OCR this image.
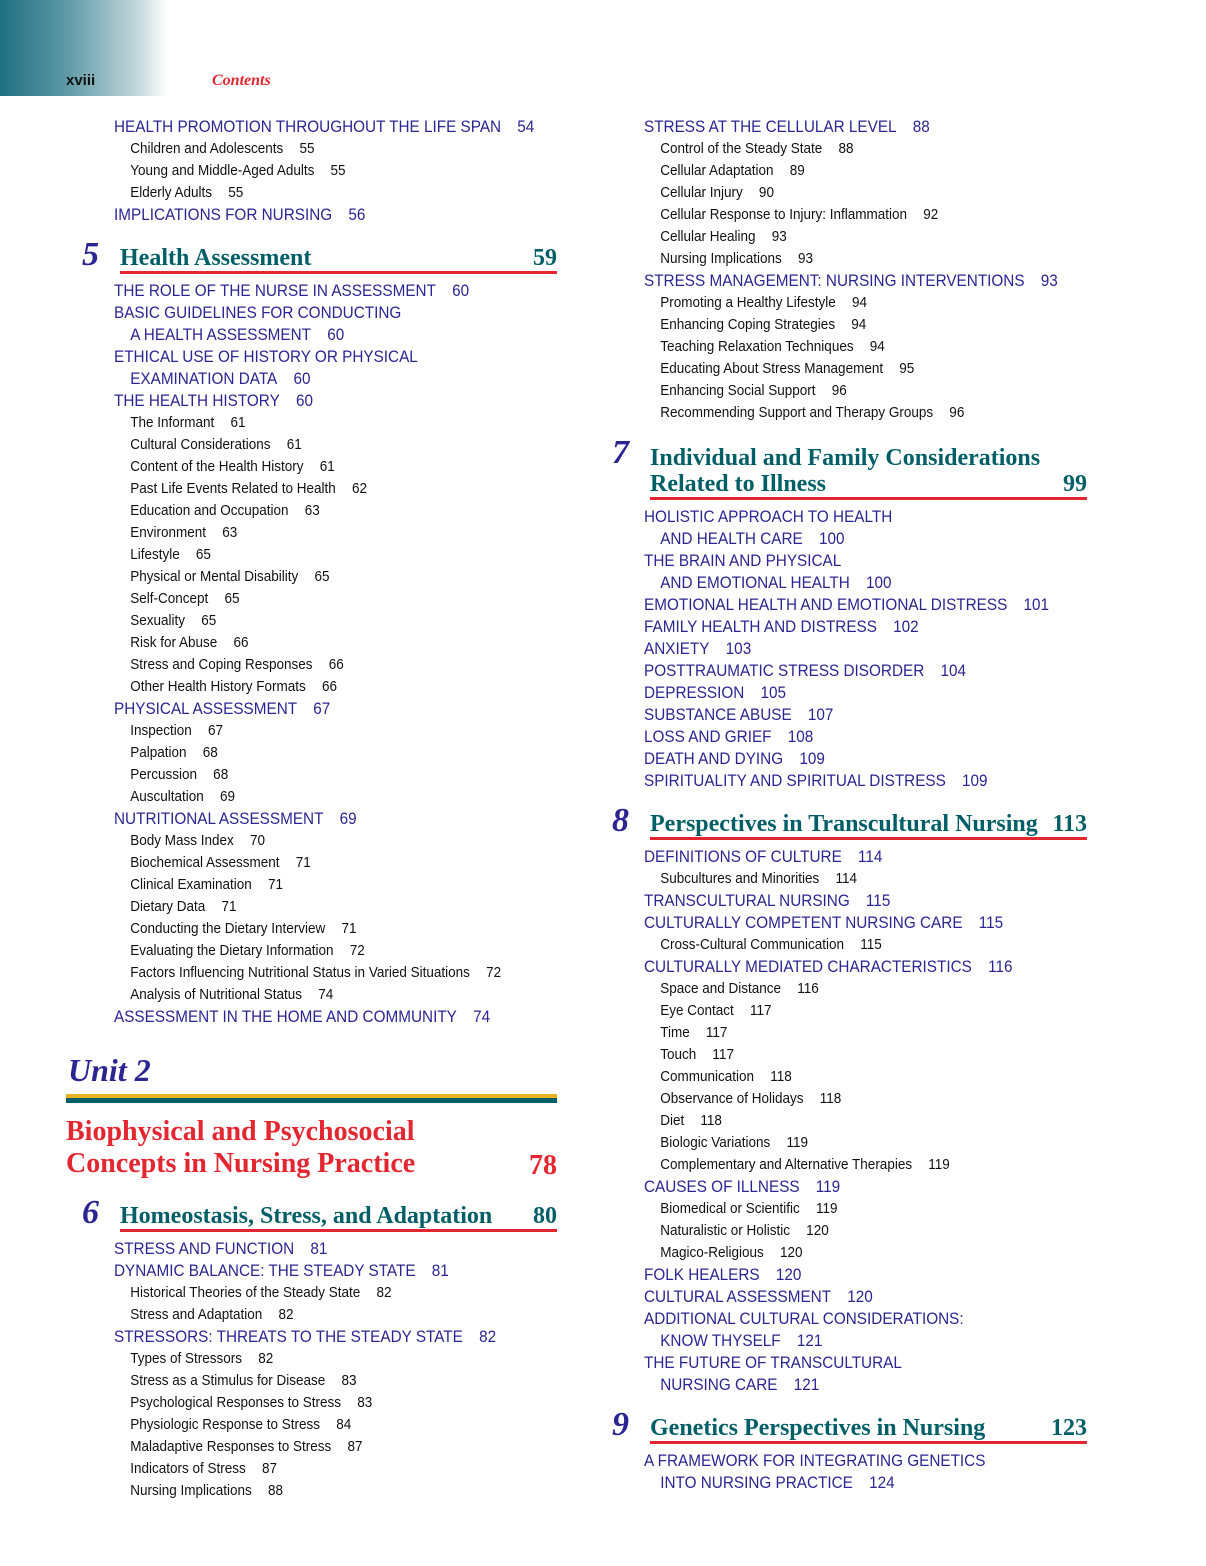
xviii	Contents
HEALTH PROMOTION THROUGHOUT THE LIFE SPAN 54
Children and Adolescents 55
Young and Middle-Aged Adults 55
Elderly Adults 55
IMPLICATIONS FOR NURSING 56
5 Health Assessment	59
THE ROLE OF THE NURSE IN ASSESSMENT 60
BASIC GUIDELINES FOR CONDUCTING
A HEALTH ASSESSMENT 60
ETHICAL USE OF HISTORY OR PHYSICAL
EXAMINATION DATA 60
THE HEALTH HISTORY 60
The Informant 61
Cultural Considerations 61
Content of the Health History 61
Past Life Events Related to Health 62
Education and Occupation 63
Environment 63
Lifestyle 65
Physical or Mental Disability 65
Self-Concept 65
Sexuality 65
Risk for Abuse 66
Stress and Coping Responses 66
Other Health History Formats 66
PHYSICAL ASSESSMENT 67
Inspection 67
Palpation 68
Percussion 68
Auscultation 69
NUTRITIONAL ASSESSMENT 69
Body Mass Index 70
Biochemical Assessment 71
Clinical Examination 71
Dietary Data 71
Conducting the Dietary Interview 71
Evaluating the Dietary Information 72
Factors Influencing Nutritional Status in Varied Situations 72
Analysis of Nutritional Status 74
ASSESSMENT IN THE HOME AND COMMUNITY 74
Unit 2
Biophysical and Psychosocial
Concepts in Nursing Practice	78
6 Homeostasis, Stress, and Adaptation 80
STRESS AND FUNCTION 81
DYNAMIC BALANCE: THE STEADY STATE 81
Historical Theories of the Steady State 82
Stress and Adaptation 82
STRESSORS: THREATS TO THE STEADY STATE 82
Types of Stressors 82
Stress as a Stimulus for Disease 83
Psychological Responses to Stress 83
Physiologic Response to Stress 84
Maladaptive Responses to Stress 87
Indicators of Stress 87
Nursing Implications 88
STRESS AT THE CELLULAR LEVEL 88
Control of the Steady State 88
Cellular Adaptation 89
Cellular Injury 90
Cellular Response to Injury: Inflammation 92
Cellular Healing 93
Nursing Implications 93
STRESS MANAGEMENT: NURSING INTERVENTIONS 93
Promoting a Healthy Lifestyle 94
Enhancing Coping Strategies 94
Teaching Relaxation Techniques 94
Educating About Stress Management 95
Enhancing Social Support 96
Recommending Support and Therapy Groups 96
7 Individual and Family Considerations
Related to Illness	99
HOLISTIC APPROACH TO HEALTH
AND HEALTH CARE 100
THE BRAIN AND PHYSICAL
AND EMOTIONAL HEALTH 100
EMOTIONAL HEALTH AND EMOTIONAL DISTRESS 101
FAMILY HEALTH AND DISTRESS 102
ANXIETY 103
POSTTRAUMATIC STRESS DISORDER 104
DEPRESSION 105
SUBSTANCE ABUSE 107
LOSS AND GRIEF 108
DEATH AND DYING 109
SPIRITUALITY AND SPIRITUAL DISTRESS 109
8 Perspectives in Transcultural Nursing 113
DEFINITIONS OF CULTURE 114
Subcultures and Minorities 114
TRANSCULTURAL NURSING 115
CULTURALLY COMPETENT NURSING CARE 115
Cross-Cultural Communication 115
CULTURALLY MEDIATED CHARACTERISTICS 116
Space and Distance 116
Eye Contact 117
Time 117
Touch 117
Communication 118
Observance of Holidays 118
Diet 118
Biologic Variations 119
Complementary and Alternative Therapies 119
CAUSES OF ILLNESS 119
Biomedical or Scientific 119
Naturalistic or Holistic 120
Magico-Religious 120
FOLK HEALERS 120
CULTURAL ASSESSMENT 120
ADDITIONAL CULTURAL CONSIDERATIONS:
KNOW THYSELF 121
THE FUTURE OF TRANSCULTURAL
NURSING CARE 121
9 Genetics Perspectives in Nursing	123
A FRAMEWORK FOR INTEGRATING GENETICS
INTO NURSING PRACTICE 124
